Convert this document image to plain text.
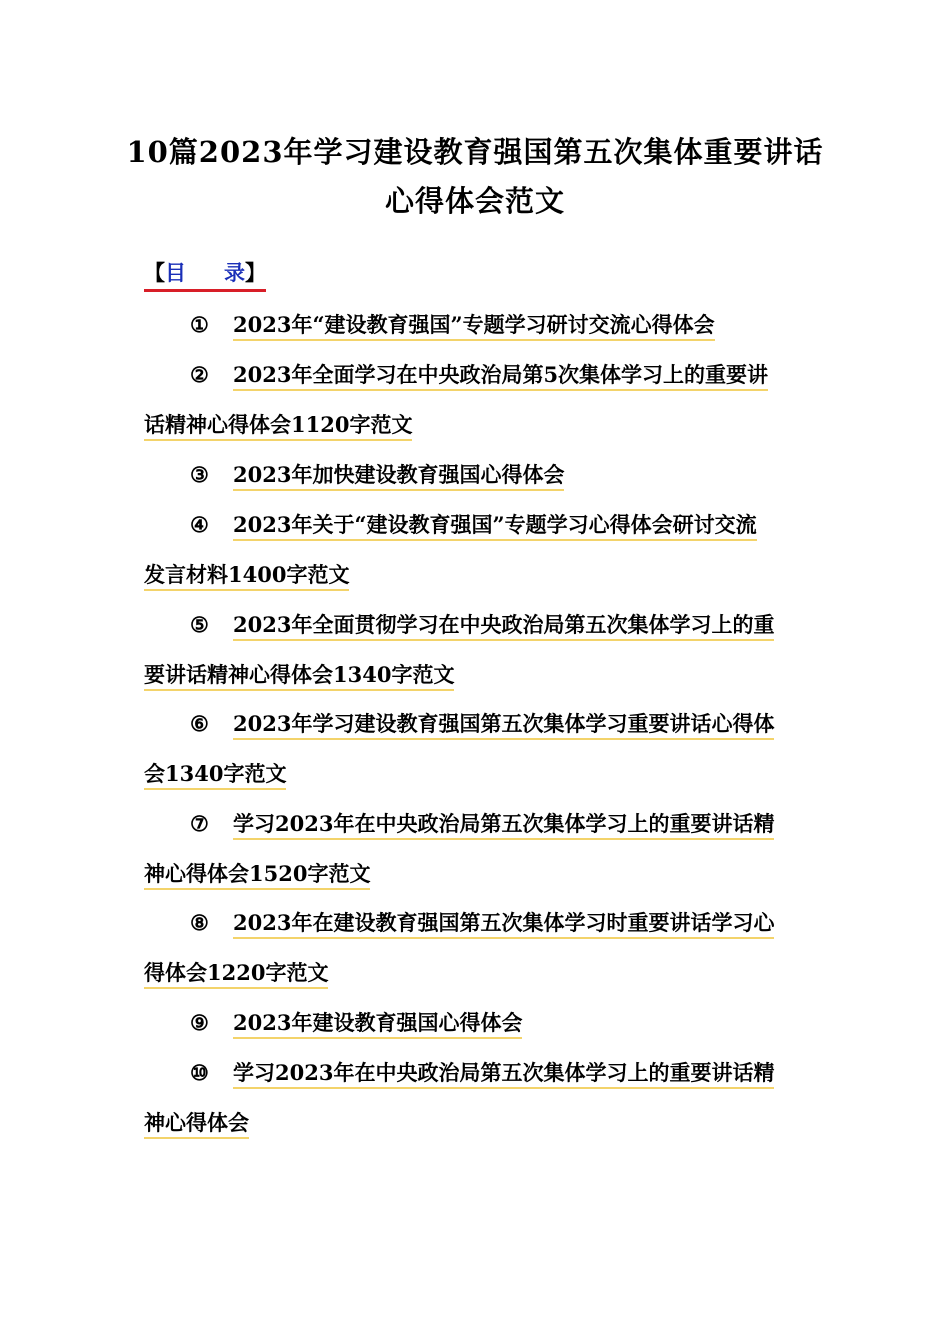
10篇2023年学习建设教育强国第五次集体重要讲话
心得体会范文
【目 录】
① 2023年“建设教育强国”专题学习研讨交流心得体会
② 2023年全面学习在中央政治局第5次集体学习上的重要讲
话精神心得体会1120字范文
③ 2023年加快建设教育强国心得体会
④ 2023年关于“建设教育强国”专题学习心得体会研讨交流
发言材料1400字范文
⑤ 2023年全面贯彻学习在中央政治局第五次集体学习上的重
要讲话精神心得体会1340字范文
⑥ 2023年学习建设教育强国第五次集体学习重要讲话心得体
会1340字范文
⑦ 学习2023年在中央政治局第五次集体学习上的重要讲话精
神心得体会1520字范文
⑧ 2023年在建设教育强国第五次集体学习时重要讲话学习心
得体会1220字范文
⑨ 2023年建设教育强国心得体会
⑩ 学习2023年在中央政治局第五次集体学习上的重要讲话精
神心得体会
